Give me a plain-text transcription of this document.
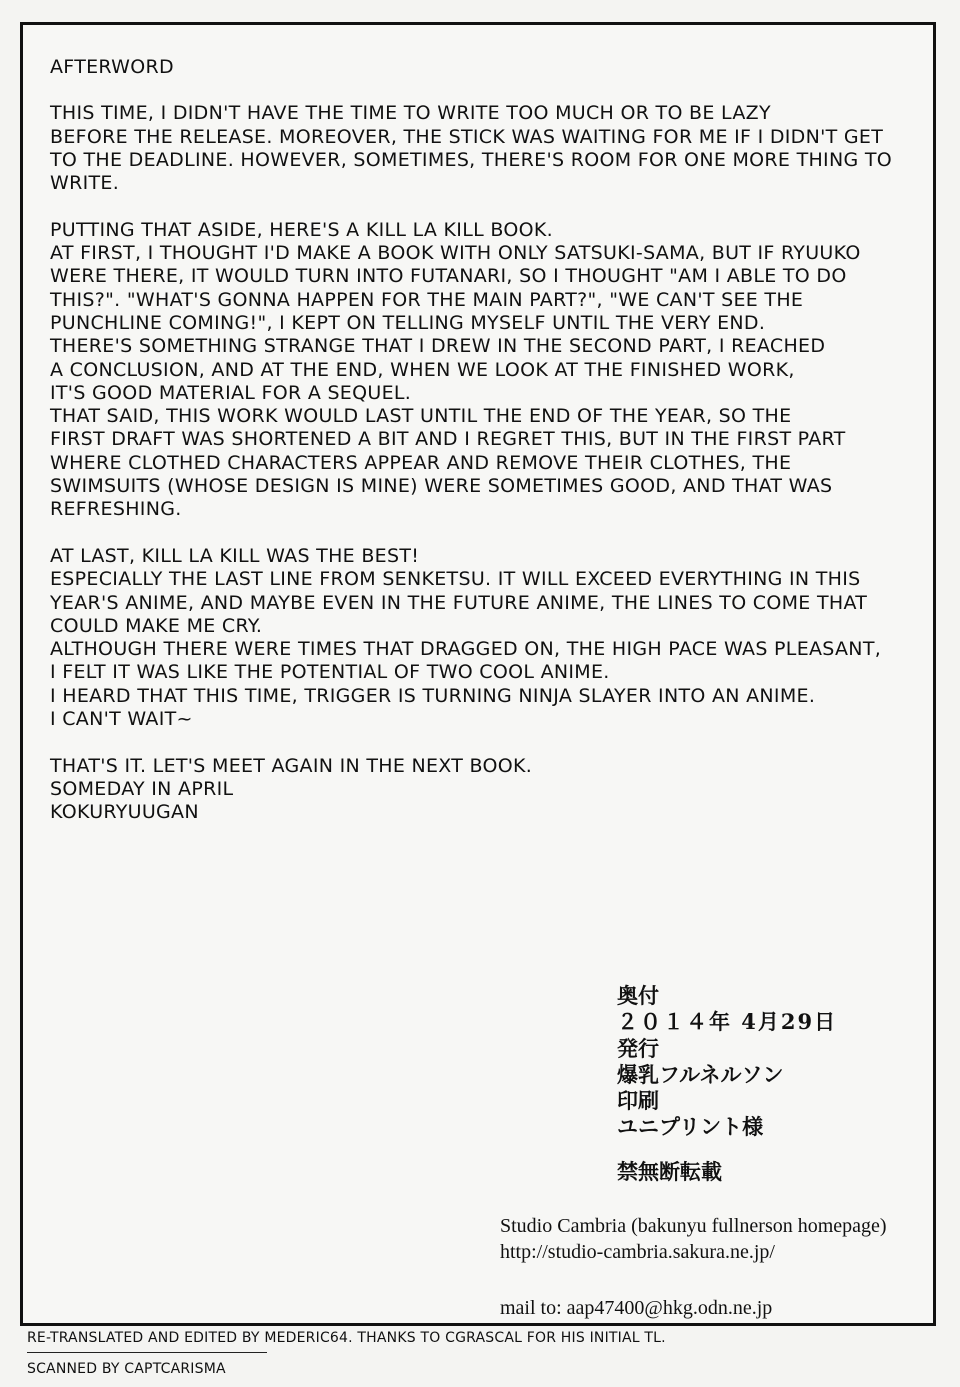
AFTERWORD
THIS TIME, I DIDN'T HAVE THE TIME TO WRITE TOO MUCH OR TO BE LAZY
BEFORE THE RELEASE. MOREOVER, THE STICK WAS WAITING FOR ME IF I DIDN'T GET
TO THE DEADLINE. HOWEVER, SOMETIMES, THERE'S ROOM FOR ONE MORE THING TO
WRITE.
PUTTING THAT ASIDE, HERE'S A KILL LA KILL BOOK.
AT FIRST, I THOUGHT I'D MAKE A BOOK WITH ONLY SATSUKI-SAMA, BUT IF RYUUKO
WERE THERE, IT WOULD TURN INTO FUTANARI, SO I THOUGHT "AM I ABLE TO DO
THIS?". "WHAT'S GONNA HAPPEN FOR THE MAIN PART?", "WE CAN'T SEE THE
PUNCHLINE COMING!", I KEPT ON TELLING MYSELF UNTIL THE VERY END.
THERE'S SOMETHING STRANGE THAT I DREW IN THE SECOND PART, I REACHED
A CONCLUSION, AND AT THE END, WHEN WE LOOK AT THE FINISHED WORK,
IT'S GOOD MATERIAL FOR A SEQUEL.
THAT SAID, THIS WORK WOULD LAST UNTIL THE END OF THE YEAR, SO THE
FIRST DRAFT WAS SHORTENED A BIT AND I REGRET THIS, BUT IN THE FIRST PART
WHERE CLOTHED CHARACTERS APPEAR AND REMOVE THEIR CLOTHES, THE
SWIMSUITS (WHOSE DESIGN IS MINE) WERE SOMETIMES GOOD, AND THAT WAS
REFRESHING.
AT LAST, KILL LA KILL WAS THE BEST!
ESPECIALLY THE LAST LINE FROM SENKETSU. IT WILL EXCEED EVERYTHING IN THIS
YEAR'S ANIME, AND MAYBE EVEN IN THE FUTURE ANIME, THE LINES TO COME THAT
COULD MAKE ME CRY.
ALTHOUGH THERE WERE TIMES THAT DRAGGED ON, THE HIGH PACE WAS PLEASANT,
I FELT IT WAS LIKE THE POTENTIAL OF TWO COOL ANIME.
I HEARD THAT THIS TIME, TRIGGER IS TURNING NINJA SLAYER INTO AN ANIME.
I CAN'T WAIT~
THAT'S IT. LET'S MEET AGAIN IN THE NEXT BOOK.
SOMEDAY IN APRIL
KOKURYUUGAN
奥付
２０１４年 4月29日
発行
爆乳フルネルソン
印刷
ユニプリント様
禁無断転載
Studio Cambria (bakunyu fullnerson homepage)
http://studio-cambria.sakura.ne.jp/
mail to: aap47400@hkg.odn.ne.jp
RE-TRANSLATED AND EDITED BY MEDERIC64. THANKS TO CGRASCAL FOR HIS INITIAL TL.
SCANNED BY CAPTCARISMA
